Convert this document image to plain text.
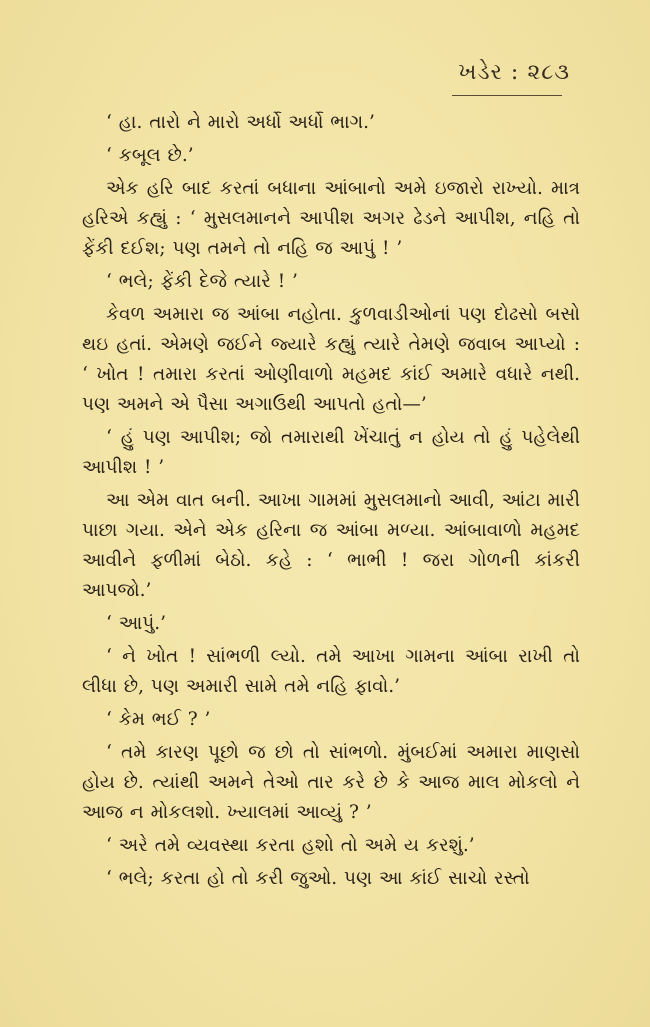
ખડેર : ૨૮૩

‘ હા. તારો ને મારો અર્ધો અર્ધો ભાગ.’

‘ કબૂલ છે.’

એક હરિ બાદ કરતાં બધાના આંબાનો અમે ઇજારો રાખ્યો. માત્ર હરિએ કહ્યું : ‘ મુસલમાનને આપીશ અગર ઢેડને આપીશ, નહિ તો ફેંકી દઈશ; પણ તમને તો નહિ જ આપું ! ’

‘ ભલે; ફેંકી દેજે ત્યારે ! ’

કેવળ અમારા જ આંબા નહોતા. કુળવાડીઓનાં પણ દોઢસો બસો થઇ હતાં. એમણે જઈને જ્યારે કહ્યું ત્યારે તેમણે જવાબ આપ્યો : ‘ ખોત ! તમારા કરતાં ઓણીવાળો મહમદ કાંઈ અમારે વધારે નથી. પણ અમને એ પૈસા અગાઉથી આપતો હતો—’

‘ હું પણ આપીશ; જો તમારાથી ખેંચાતું ન હોય તો હું પહેલેથી આપીશ ! ’

આ એમ વાત બની. આખા ગામમાં મુસલમાનો આવી, આંટા મારી પાછા ગયા. એને એક હરિના જ આંબા મળ્યા. આંબાવાળો મહમદ આવીને ફળીમાં બેઠો. કહે : ‘ ભાભી ! જરા ગોળની કાંકરી આપજો.’

‘ આપું.’

‘ ને ખોત ! સાંભળી લ્યો. તમે આખા ગામના આંબા રાખી તો લીધા છે, પણ અમારી સામે તમે નહિ ફાવો.’

‘ કેમ ભઈ ? ’

‘ તમે કારણ પૂછો જ છો તો સાંભળો. મુંબઈમાં અમારા માણસો હોય છે. ત્યાંથી અમને તેઓ તાર કરે છે કે આજ માલ મોકલો ને આજ ન મોકલશો. ખ્યાલમાં આવ્યું ? ’

‘ અરે તમે વ્યવસ્થા કરતા હશો તો અમે ય કરશું.’

‘ ભલે; કરતા હો તો કરી જુઓ. પણ આ કાંઈ સાચો રસ્તો
